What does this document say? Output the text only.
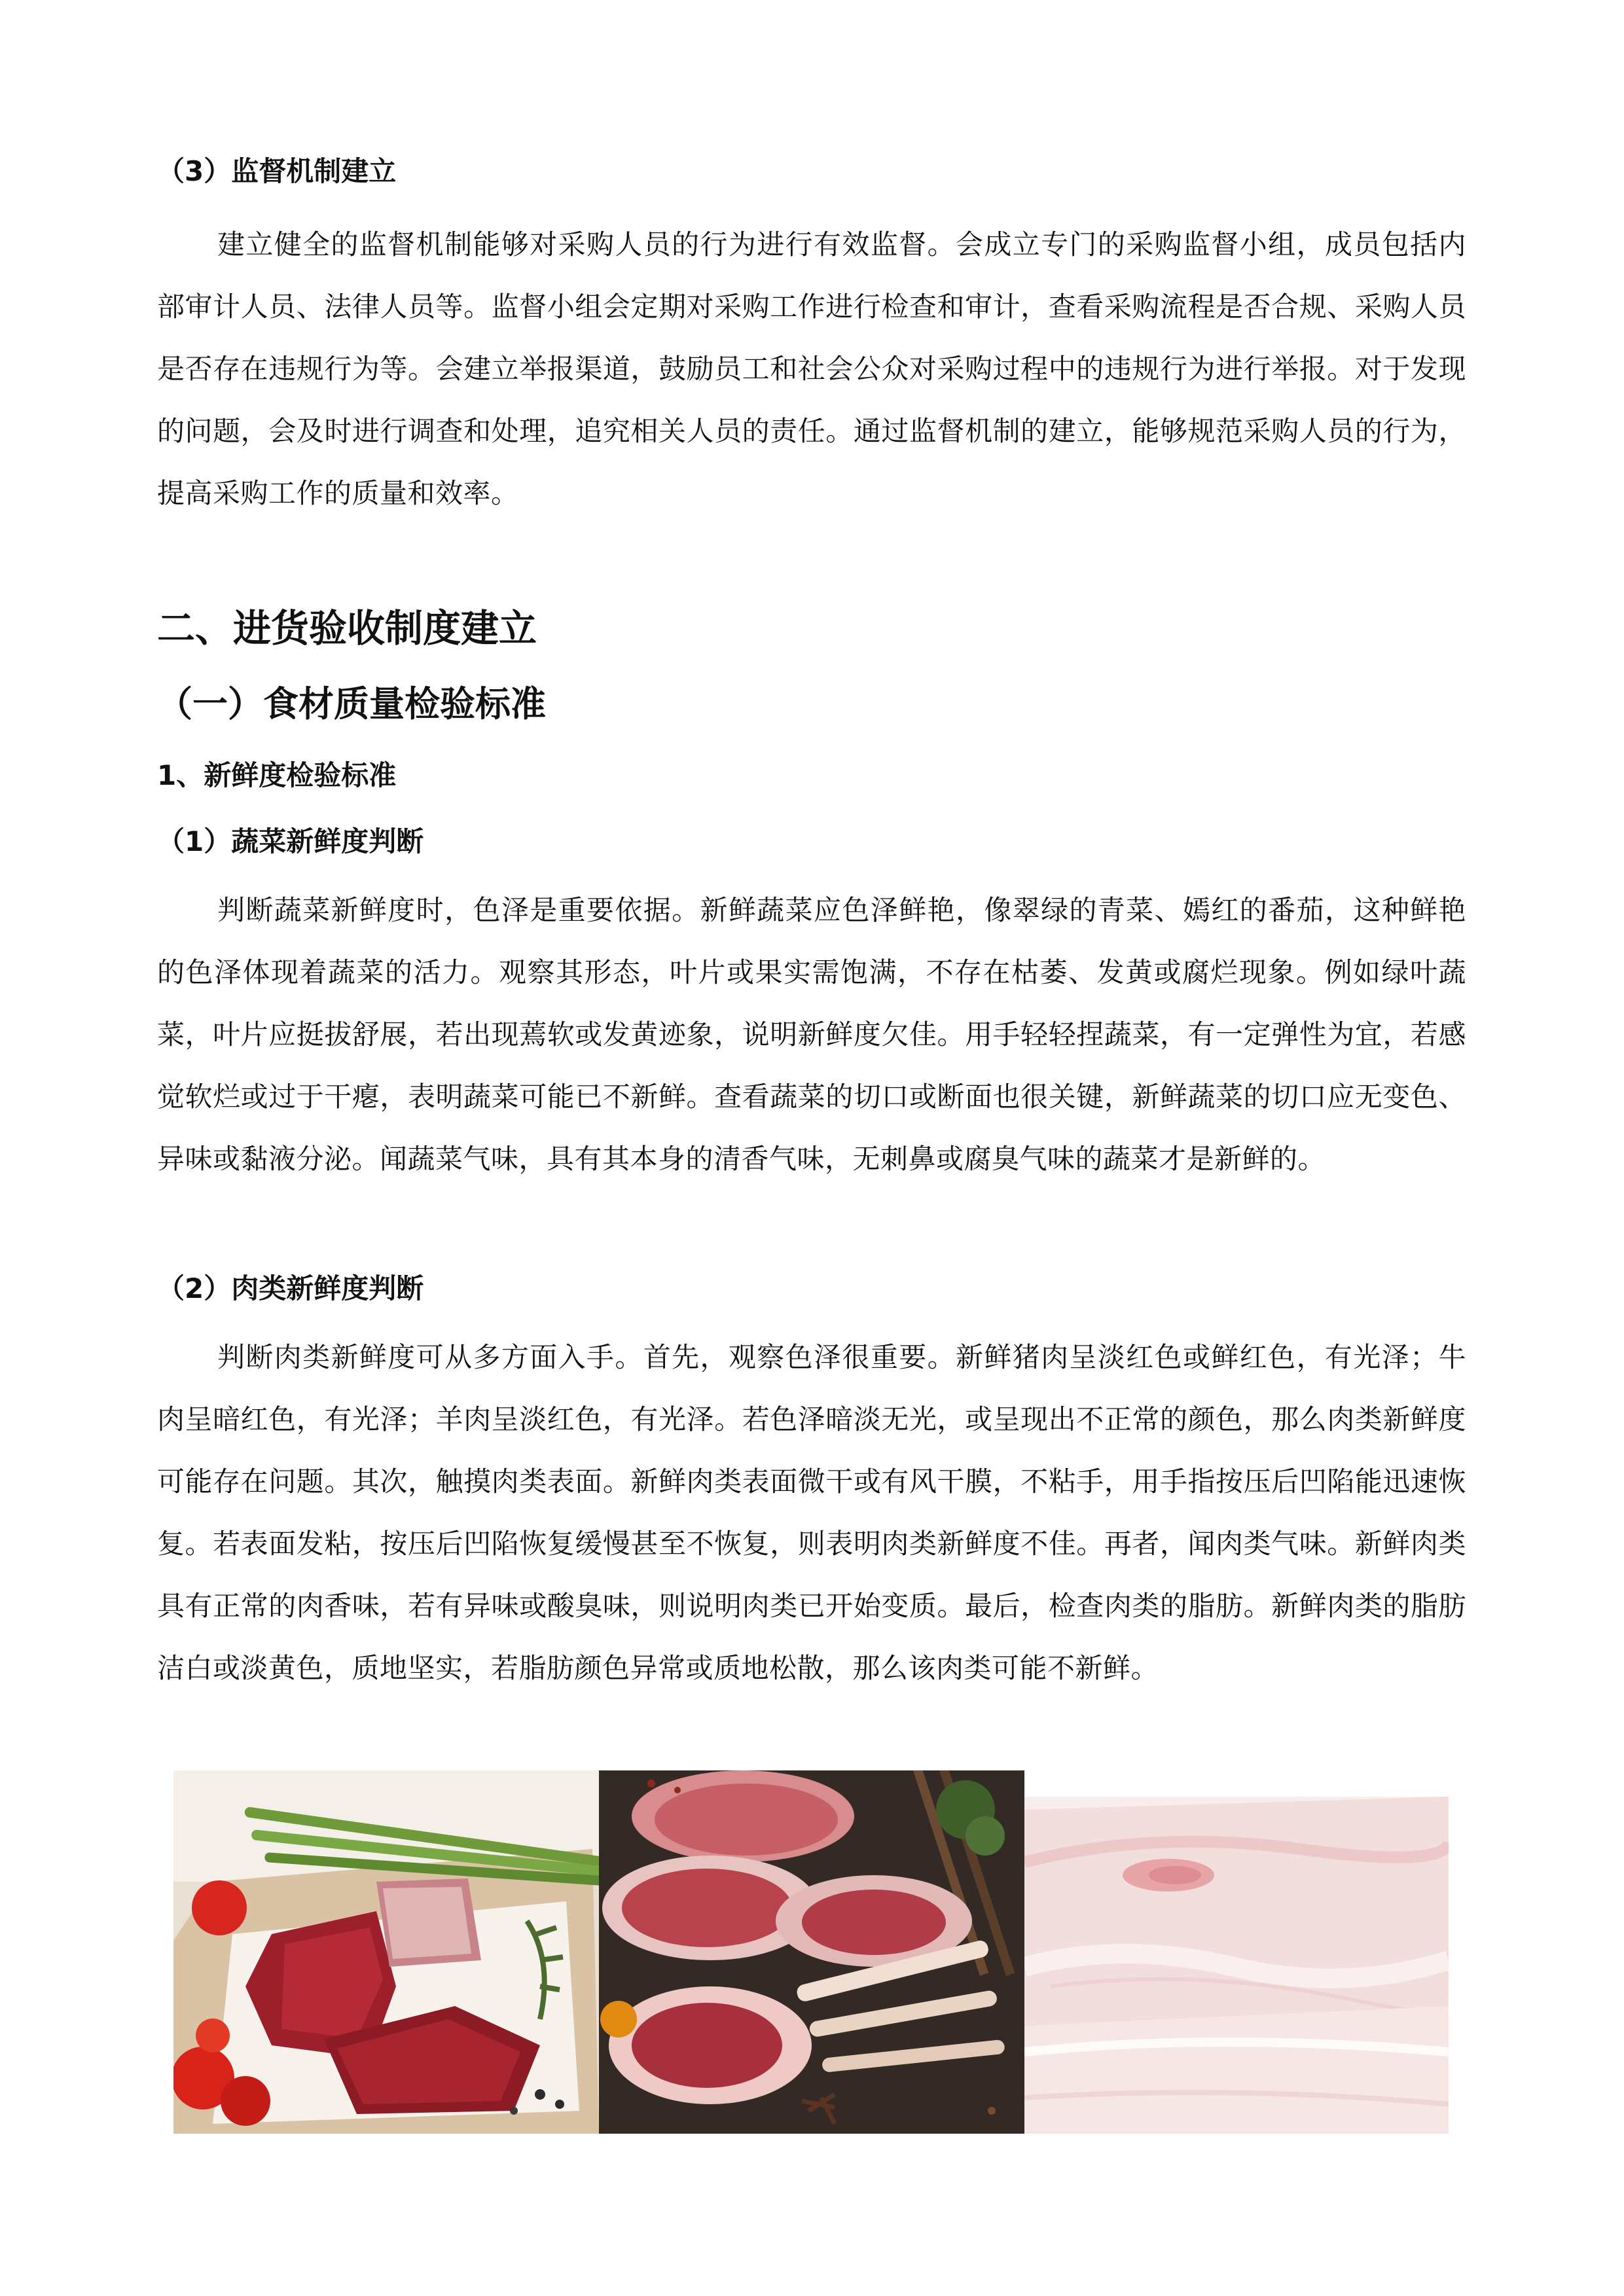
（3）监督机制建立

建立健全的监督机制能够对采购人员的行为进行有效监督。会成立专门的采购监督小组，成员包括内部审计人员、法律人员等。监督小组会定期对采购工作进行检查和审计，查看采购流程是否合规、采购人员是否存在违规行为等。会建立举报渠道，鼓励员工和社会公众对采购过程中的违规行为进行举报。对于发现的问题，会及时进行调查和处理，追究相关人员的责任。通过监督机制的建立，能够规范采购人员的行为，提高采购工作的质量和效率。

二、进货验收制度建立
（一）食材质量检验标准
1、新鲜度检验标准
（1）蔬菜新鲜度判断

判断蔬菜新鲜度时，色泽是重要依据。新鲜蔬菜应色泽鲜艳，像翠绿的青菜、嫣红的番茄，这种鲜艳的色泽体现着蔬菜的活力。观察其形态，叶片或果实需饱满，不存在枯萎、发黄或腐烂现象。例如绿叶蔬菜，叶片应挺拔舒展，若出现蔫软或发黄迹象，说明新鲜度欠佳。用手轻轻捏蔬菜，有一定弹性为宜，若感觉软烂或过于干瘪，表明蔬菜可能已不新鲜。查看蔬菜的切口或断面也很关键，新鲜蔬菜的切口应无变色、异味或黏液分泌。闻蔬菜气味，具有其本身的清香气味，无刺鼻或腐臭气味的蔬菜才是新鲜的。

（2）肉类新鲜度判断

判断肉类新鲜度可从多方面入手。首先，观察色泽很重要。新鲜猪肉呈淡红色或鲜红色，有光泽；牛肉呈暗红色，有光泽；羊肉呈淡红色，有光泽。若色泽暗淡无光，或呈现出不正常的颜色，那么肉类新鲜度可能存在问题。其次，触摸肉类表面。新鲜肉类表面微干或有风干膜，不粘手，用手指按压后凹陷能迅速恢复。若表面发粘，按压后凹陷恢复缓慢甚至不恢复，则表明肉类新鲜度不佳。再者，闻肉类气味。新鲜肉类具有正常的肉香味，若有异味或酸臭味，则说明肉类已开始变质。最后，检查肉类的脂肪。新鲜肉类的脂肪洁白或淡黄色，质地坚实，若脂肪颜色异常或质地松散，那么该肉类可能不新鲜。
